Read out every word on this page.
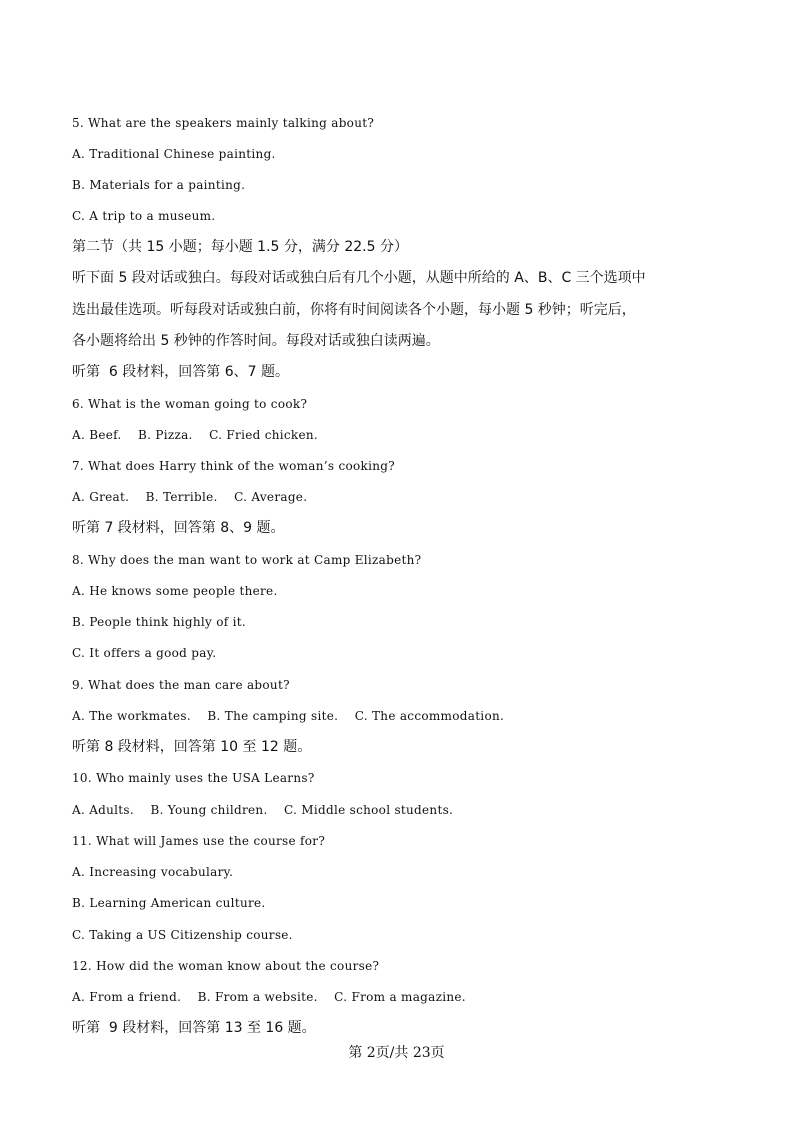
5. What are the speakers mainly talking about?

A. Traditional Chinese painting.

B. Materials for a painting.

C. A trip to a museum.

第二节（共 15 小题；每小题 1.5 分，满分 22.5 分）

听下面 5 段对话或独白。每段对话或独白后有几个小题，从题中所给的 A、B、C 三个选项中

选出最佳选项。听每段对话或独白前，你将有时间阅读各个小题，每小题 5 秒钟；听完后，

各小题将给出 5 秒钟的作答时间。每段对话或独白读两遍。

听第  6 段材料，回答第 6、7 题。

6. What is the woman going to cook?

A. Beef.    B. Pizza.    C. Fried chicken.

7. What does Harry think of the woman’s cooking?

A. Great.    B. Terrible.    C. Average.

听第 7 段材料，回答第 8、9 题。

8. Why does the man want to work at Camp Elizabeth?

A. He knows some people there.

B. People think highly of it.

C. It offers a good pay.

9. What does the man care about?

A. The workmates.    B. The camping site.    C. The accommodation.

听第 8 段材料，回答第 10 至 12 题。

10. Who mainly uses the USA Learns?

A. Adults.    B. Young children.    C. Middle school students.

11. What will James use the course for?

A. Increasing vocabulary.

B. Learning American culture.

C. Taking a US Citizenship course.

12. How did the woman know about the course?

A. From a friend.    B. From a website.    C. From a magazine.

听第  9 段材料，回答第 13 至 16 题。

第 2页/共 23页
